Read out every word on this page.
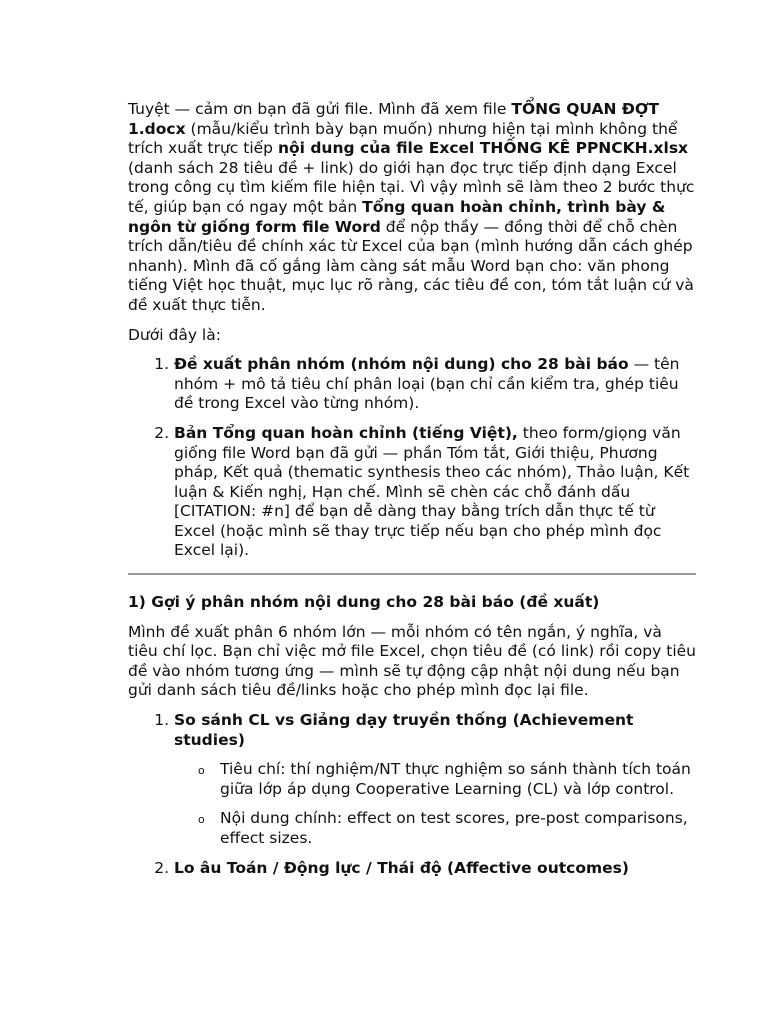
Tuyệt — cảm ơn bạn đã gửi file. Mình đã xem file TỔNG QUAN ĐỢT 1.docx (mẫu/kiểu trình bày bạn muốn) nhưng hiện tại mình không thể trích xuất trực tiếp nội dung của file Excel THỐNG KÊ PPNCKH.xlsx (danh sách 28 tiêu đề + link) do giới hạn đọc trực tiếp định dạng Excel trong công cụ tìm kiếm file hiện tại. Vì vậy mình sẽ làm theo 2 bước thực tế, giúp bạn có ngay một bản Tổng quan hoàn chỉnh, trình bày & ngôn từ giống form file Word để nộp thầy — đồng thời để chỗ chèn trích dẫn/tiêu đề chính xác từ Excel của bạn (mình hướng dẫn cách ghép nhanh). Mình đã cố gắng làm càng sát mẫu Word bạn cho: văn phong tiếng Việt học thuật, mục lục rõ ràng, các tiêu đề con, tóm tắt luận cứ và đề xuất thực tiễn.

Dưới đây là:

1. Đề xuất phân nhóm (nhóm nội dung) cho 28 bài báo — tên nhóm + mô tả tiêu chí phân loại (bạn chỉ cần kiểm tra, ghép tiêu đề trong Excel vào từng nhóm).
2. Bản Tổng quan hoàn chỉnh (tiếng Việt), theo form/giọng văn giống file Word bạn đã gửi — phần Tóm tắt, Giới thiệu, Phương pháp, Kết quả (thematic synthesis theo các nhóm), Thảo luận, Kết luận & Kiến nghị, Hạn chế. Mình sẽ chèn các chỗ đánh dấu [CITATION: #n] để bạn dễ dàng thay bằng trích dẫn thực tế từ Excel (hoặc mình sẽ thay trực tiếp nếu bạn cho phép mình đọc Excel lại).
1) Gợi ý phân nhóm nội dung cho 28 bài báo (đề xuất)

Mình đề xuất phân 6 nhóm lớn — mỗi nhóm có tên ngắn, ý nghĩa, và tiêu chí lọc. Bạn chỉ việc mở file Excel, chọn tiêu đề (có link) rồi copy tiêu đề vào nhóm tương ứng — mình sẽ tự động cập nhật nội dung nếu bạn gửi danh sách tiêu đề/links hoặc cho phép mình đọc lại file.

1. So sánh CL vs Giảng dạy truyền thống (Achievement studies)
o Tiêu chí: thí nghiệm/NT thực nghiệm so sánh thành tích toán giữa lớp áp dụng Cooperative Learning (CL) và lớp control.
o Nội dung chính: effect on test scores, pre-post comparisons, effect sizes.
2. Lo âu Toán / Động lực / Thái độ (Affective outcomes)
